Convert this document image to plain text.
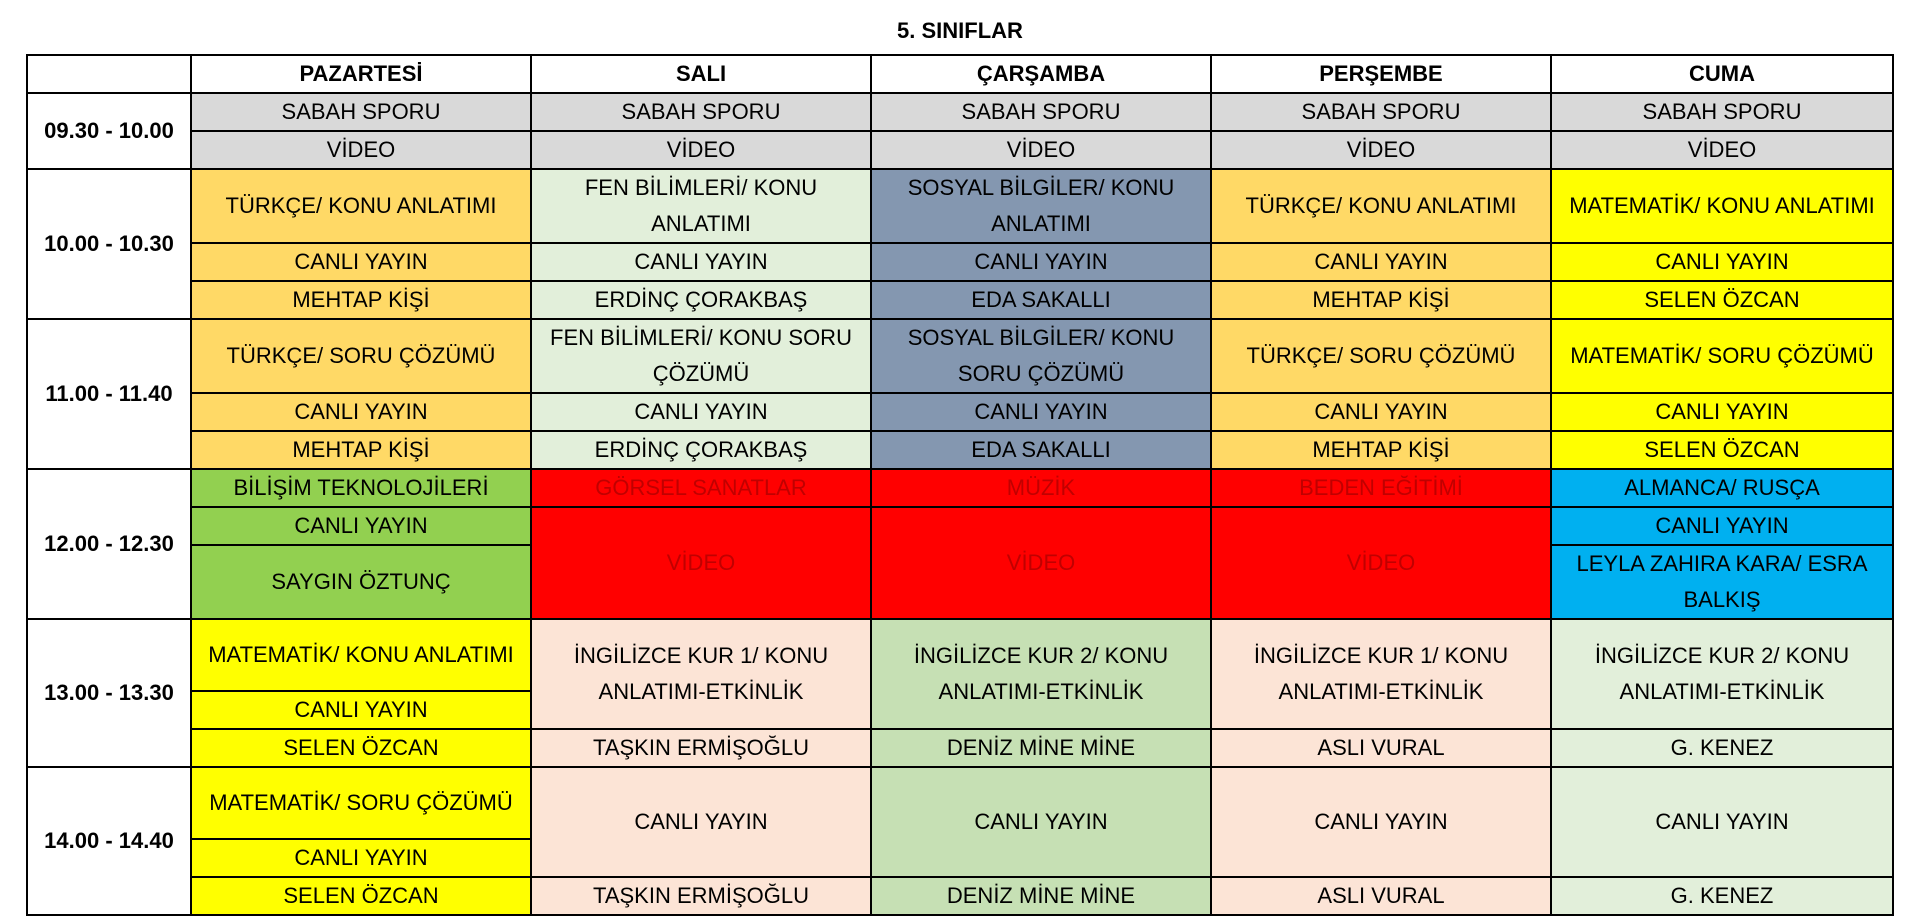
5. SINIFLAR
	PAZARTESİ	SALI	ÇARŞAMBA	PERŞEMBE	CUMA
09.30 - 10.00	SABAH SPORU	SABAH SPORU	SABAH SPORU	SABAH SPORU	SABAH SPORU
	VİDEO	VİDEO	VİDEO	VİDEO	VİDEO
10.00 - 10.30	TÜRKÇE/ KONU ANLATIMI	FEN BİLİMLERİ/ KONU ANLATIMI	SOSYAL BİLGİLER/ KONU ANLATIMI	TÜRKÇE/ KONU ANLATIMI	MATEMATİK/ KONU ANLATIMI
	CANLI YAYIN	CANLI YAYIN	CANLI YAYIN	CANLI YAYIN	CANLI YAYIN
	MEHTAP KİŞİ	ERDİNÇ ÇORAKBAŞ	EDA SAKALLI	MEHTAP KİŞİ	SELEN ÖZCAN
11.00 - 11.40	TÜRKÇE/ SORU ÇÖZÜMÜ	FEN BİLİMLERİ/ KONU SORU ÇÖZÜMÜ	SOSYAL BİLGİLER/ KONU SORU ÇÖZÜMÜ	TÜRKÇE/ SORU ÇÖZÜMÜ	MATEMATİK/ SORU ÇÖZÜMÜ
	CANLI YAYIN	CANLI YAYIN	CANLI YAYIN	CANLI YAYIN	CANLI YAYIN
	MEHTAP KİŞİ	ERDİNÇ ÇORAKBAŞ	EDA SAKALLI	MEHTAP KİŞİ	SELEN ÖZCAN
12.00 - 12.30	BİLİŞİM TEKNOLOJİLERİ	GÖRSEL SANATLAR	MÜZİK	BEDEN EĞİTİMİ	ALMANCA/ RUSÇA
	CANLI YAYIN	VİDEO	VİDEO	VİDEO	CANLI YAYIN
	SAYGIN ÖZTUNÇ				LEYLA ZAHIRA KARA/ ESRA BALKIŞ
13.00 - 13.30	MATEMATİK/ KONU ANLATIMI	İNGİLİZCE KUR 1/ KONU ANLATIMI-ETKİNLİK	İNGİLİZCE KUR 2/ KONU ANLATIMI-ETKİNLİK	İNGİLİZCE KUR 1/ KONU ANLATIMI-ETKİNLİK	İNGİLİZCE KUR 2/ KONU ANLATIMI-ETKİNLİK
	CANLI YAYIN				
	SELEN ÖZCAN	TAŞKIN ERMİŞOĞLU	DENİZ MİNE MİNE	ASLI VURAL	G. KENEZ
14.00 - 14.40	MATEMATİK/ SORU ÇÖZÜMÜ	CANLI YAYIN	CANLI YAYIN	CANLI YAYIN	CANLI YAYIN
	CANLI YAYIN				
	SELEN ÖZCAN	TAŞKIN ERMİŞOĞLU	DENİZ MİNE MİNE	ASLI VURAL	G. KENEZ
